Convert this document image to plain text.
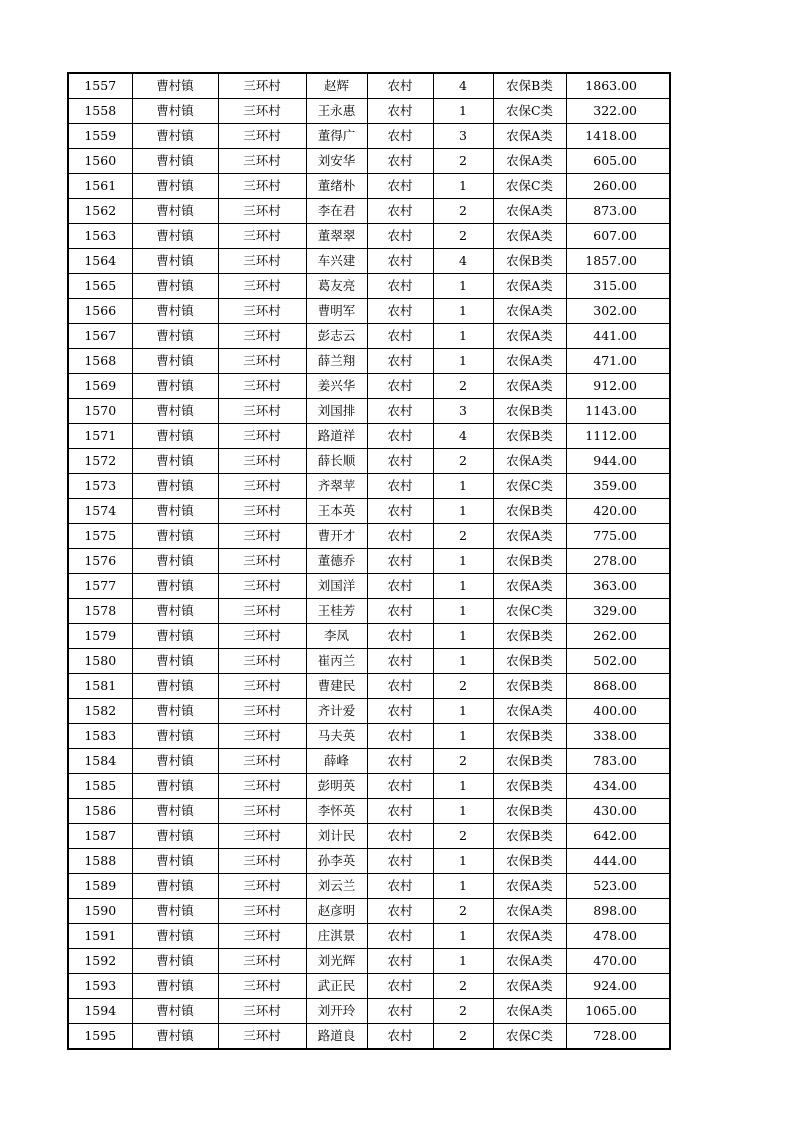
1557	曹村镇	三环村	赵辉	农村	4	农保B类	1863.00
1558	曹村镇	三环村	王永惠	农村	1	农保C类	322.00
1559	曹村镇	三环村	董得广	农村	3	农保A类	1418.00
1560	曹村镇	三环村	刘安华	农村	2	农保A类	605.00
1561	曹村镇	三环村	董绪朴	农村	1	农保C类	260.00
1562	曹村镇	三环村	李在君	农村	2	农保A类	873.00
1563	曹村镇	三环村	董翠翠	农村	2	农保A类	607.00
1564	曹村镇	三环村	车兴建	农村	4	农保B类	1857.00
1565	曹村镇	三环村	葛友亮	农村	1	农保A类	315.00
1566	曹村镇	三环村	曹明军	农村	1	农保A类	302.00
1567	曹村镇	三环村	彭志云	农村	1	农保A类	441.00
1568	曹村镇	三环村	薛兰翔	农村	1	农保A类	471.00
1569	曹村镇	三环村	姜兴华	农村	2	农保A类	912.00
1570	曹村镇	三环村	刘国排	农村	3	农保B类	1143.00
1571	曹村镇	三环村	路道祥	农村	4	农保B类	1112.00
1572	曹村镇	三环村	薛长顺	农村	2	农保A类	944.00
1573	曹村镇	三环村	齐翠苹	农村	1	农保C类	359.00
1574	曹村镇	三环村	王本英	农村	1	农保B类	420.00
1575	曹村镇	三环村	曹开才	农村	2	农保A类	775.00
1576	曹村镇	三环村	董德乔	农村	1	农保B类	278.00
1577	曹村镇	三环村	刘国洋	农村	1	农保A类	363.00
1578	曹村镇	三环村	王桂芳	农村	1	农保C类	329.00
1579	曹村镇	三环村	李凤	农村	1	农保B类	262.00
1580	曹村镇	三环村	崔丙兰	农村	1	农保B类	502.00
1581	曹村镇	三环村	曹建民	农村	2	农保B类	868.00
1582	曹村镇	三环村	齐计爱	农村	1	农保A类	400.00
1583	曹村镇	三环村	马夫英	农村	1	农保B类	338.00
1584	曹村镇	三环村	薛峰	农村	2	农保B类	783.00
1585	曹村镇	三环村	彭明英	农村	1	农保B类	434.00
1586	曹村镇	三环村	李怀英	农村	1	农保B类	430.00
1587	曹村镇	三环村	刘计民	农村	2	农保B类	642.00
1588	曹村镇	三环村	孙李英	农村	1	农保B类	444.00
1589	曹村镇	三环村	刘云兰	农村	1	农保A类	523.00
1590	曹村镇	三环村	赵彦明	农村	2	农保A类	898.00
1591	曹村镇	三环村	庄淇景	农村	1	农保A类	478.00
1592	曹村镇	三环村	刘光辉	农村	1	农保A类	470.00
1593	曹村镇	三环村	武正民	农村	2	农保A类	924.00
1594	曹村镇	三环村	刘开玲	农村	2	农保A类	1065.00
1595	曹村镇	三环村	路道良	农村	2	农保C类	728.00
